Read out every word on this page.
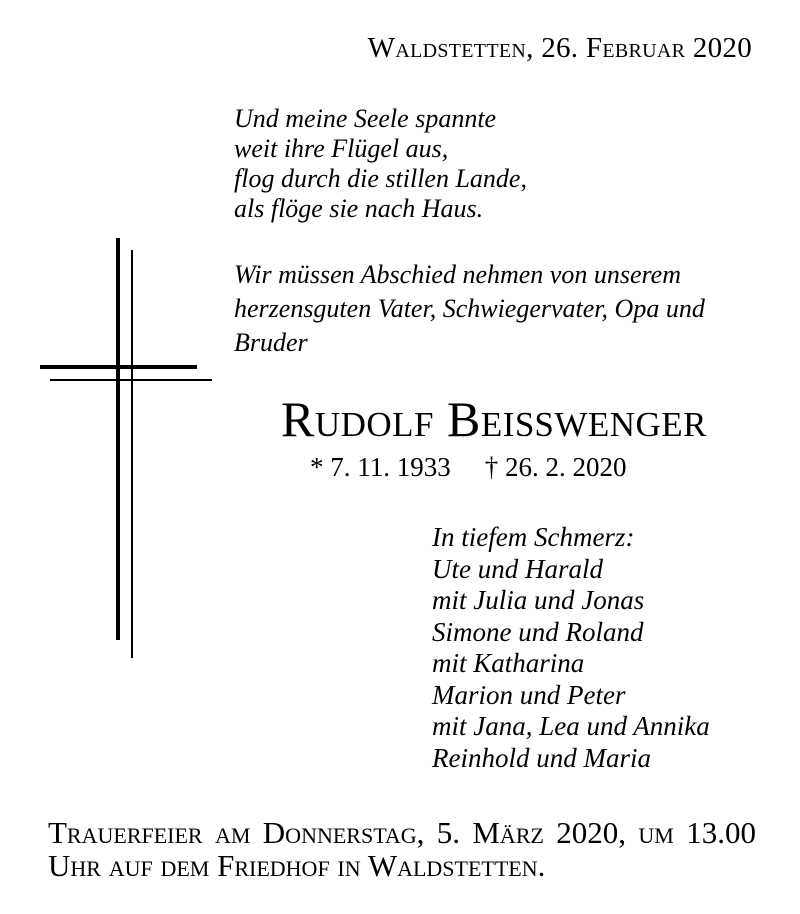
Waldstetten, 26. Februar 2020
Und meine Seele spannte
weit ihre Flügel aus,
flog durch die stillen Lande,
als flöge sie nach Haus.
Wir müssen Abschied nehmen von unserem herzensguten Vater, Schwiegervater, Opa und Bruder
Rudolf Beißwenger
* 7. 11. 1933 † 26. 2. 2020
In tiefem Schmerz:
Ute und Harald
mit Julia und Jonas
Simone und Roland
mit Katharina
Marion und Peter
mit Jana, Lea und Annika
Reinhold und Maria
Trauerfeier am Donnerstag, 5. März 2020, um 13.00 Uhr auf dem Friedhof in Waldstetten.
